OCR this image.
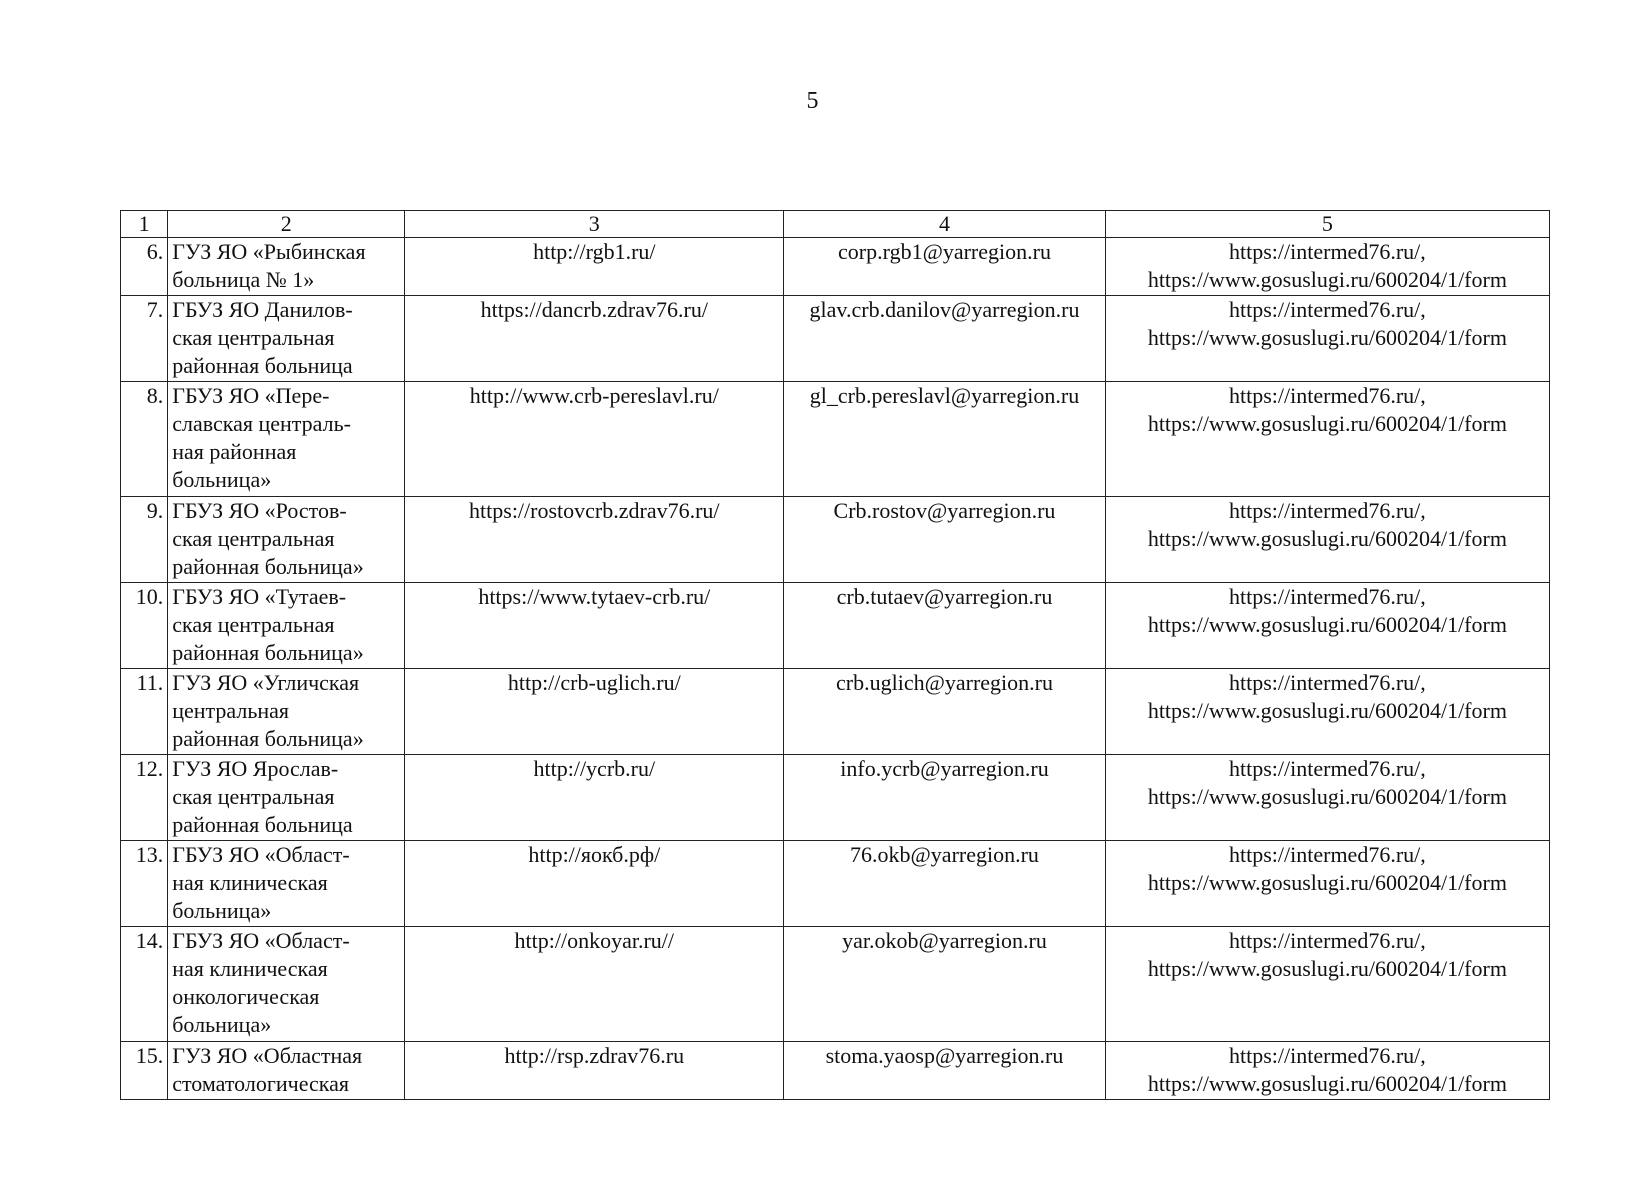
5
1	2	3	4	5
6.	ГУЗ ЯО «Рыбинская
больница № 1»	http://rgb1.ru/	corp.rgb1@yarregion.ru	https://intermed76.ru/,
https://www.gosuslugi.ru/600204/1/form
7.	ГБУЗ ЯО Данилов-
ская центральная
районная больница	https://dancrb.zdrav76.ru/	glav.crb.danilov@yarregion.ru	https://intermed76.ru/,
https://www.gosuslugi.ru/600204/1/form
8.	ГБУЗ ЯО «Пере-
славская централь-
ная районная
больница»	http://www.crb-pereslavl.ru/	gl_crb.pereslavl@yarregion.ru	https://intermed76.ru/,
https://www.gosuslugi.ru/600204/1/form
9.	ГБУЗ ЯО «Ростов-
ская центральная
районная больница»	https://rostovcrb.zdrav76.ru/	Crb.rostov@yarregion.ru	https://intermed76.ru/,
https://www.gosuslugi.ru/600204/1/form
10.	ГБУЗ ЯО «Тутаев-
ская центральная
районная больница»	https://www.tytaev-crb.ru/	crb.tutaev@yarregion.ru	https://intermed76.ru/,
https://www.gosuslugi.ru/600204/1/form
11.	ГУЗ ЯО «Угличская
центральная
районная больница»	http://crb-uglich.ru/	crb.uglich@yarregion.ru	https://intermed76.ru/,
https://www.gosuslugi.ru/600204/1/form
12.	ГУЗ ЯО Ярослав-
ская центральная
районная больница	http://ycrb.ru/	info.ycrb@yarregion.ru	https://intermed76.ru/,
https://www.gosuslugi.ru/600204/1/form
13.	ГБУЗ ЯО «Област-
ная клиническая
больница»	http://яокб.рф/	76.okb@yarregion.ru	https://intermed76.ru/,
https://www.gosuslugi.ru/600204/1/form
14.	ГБУЗ ЯО «Област-
ная клиническая
онкологическая
больница»	http://onkoyar.ru//	yar.okob@yarregion.ru	https://intermed76.ru/,
https://www.gosuslugi.ru/600204/1/form
15.	ГУЗ ЯО «Областная
стоматологическая	http://rsp.zdrav76.ru	stoma.yaosp@yarregion.ru	https://intermed76.ru/,
https://www.gosuslugi.ru/600204/1/form
